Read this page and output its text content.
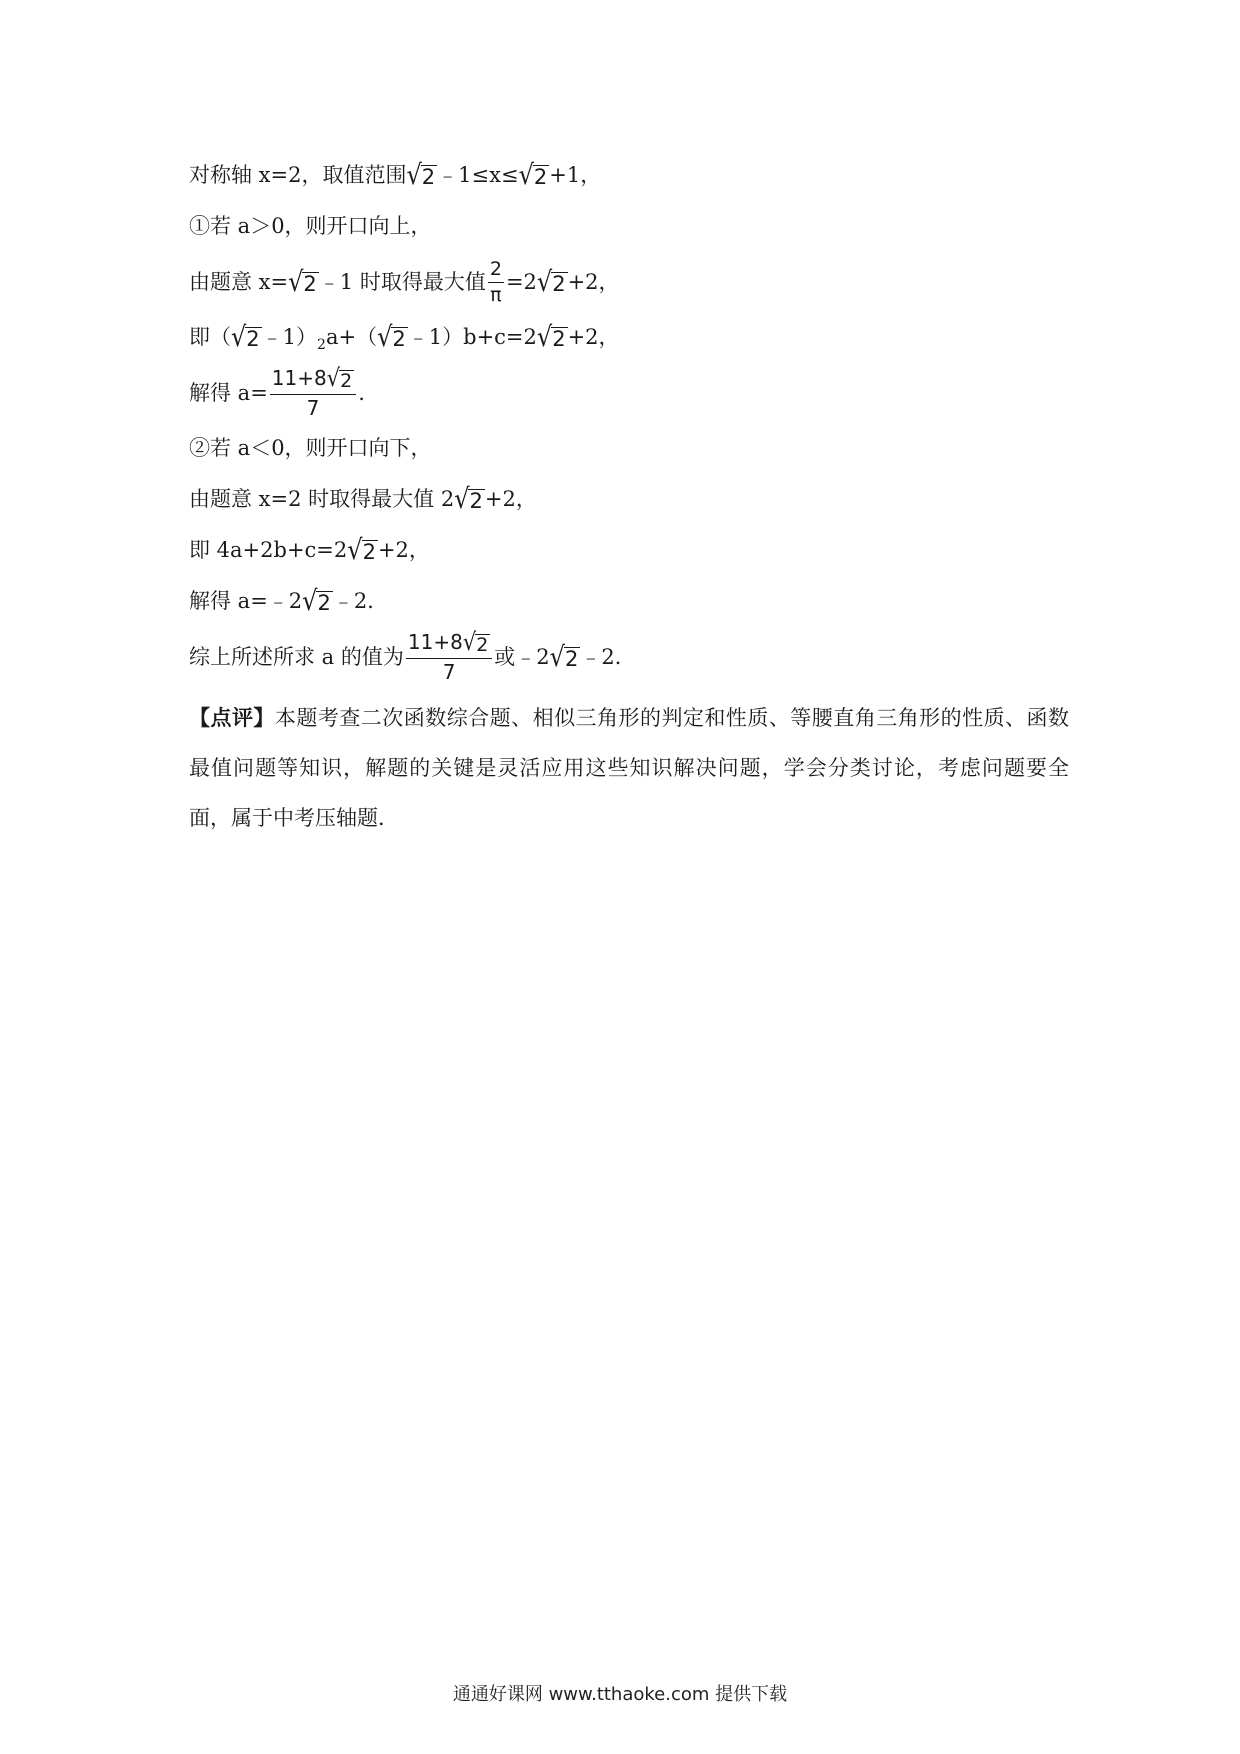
对称轴 x=2，取值范围 √ 2 ﹣1≤x ≤ √ 2 +1，
①若 a＞0，则开口向上，
由题意 x= √ 2 ﹣1 时取得最大值 $\frac{2}{\pi} =2$ √ 2 +2，
即（ √ 2 $﹣1)_2$ a+（ √ 2 ﹣1）b+c=2 √ 2 +2，
解得 $a= \frac{11+8 √ 2}{7}$ .
②若 a＜0，则开口向下，
由题意 x=2 时取得最大值 2 √ 2 +2，
即 4a+2b+c=2 √ 2 +2，
解得 a=﹣2 √ 2 ﹣2．
综上所述所求 a 的值为 $\frac{11+8 √ 2}{7}$ 或﹣2 √ 2 ﹣2．
【点评】本题考查二次函数综合题、相似三角形的判定和性质、等腰直角三角形的性质、函数最值问题等知识，解题的关键是灵活应用这些知识解决问题，学会分类讨论，考虑问题要全面，属于中考压轴题．
通通好课网 www.tthaoke.com 提供下载
